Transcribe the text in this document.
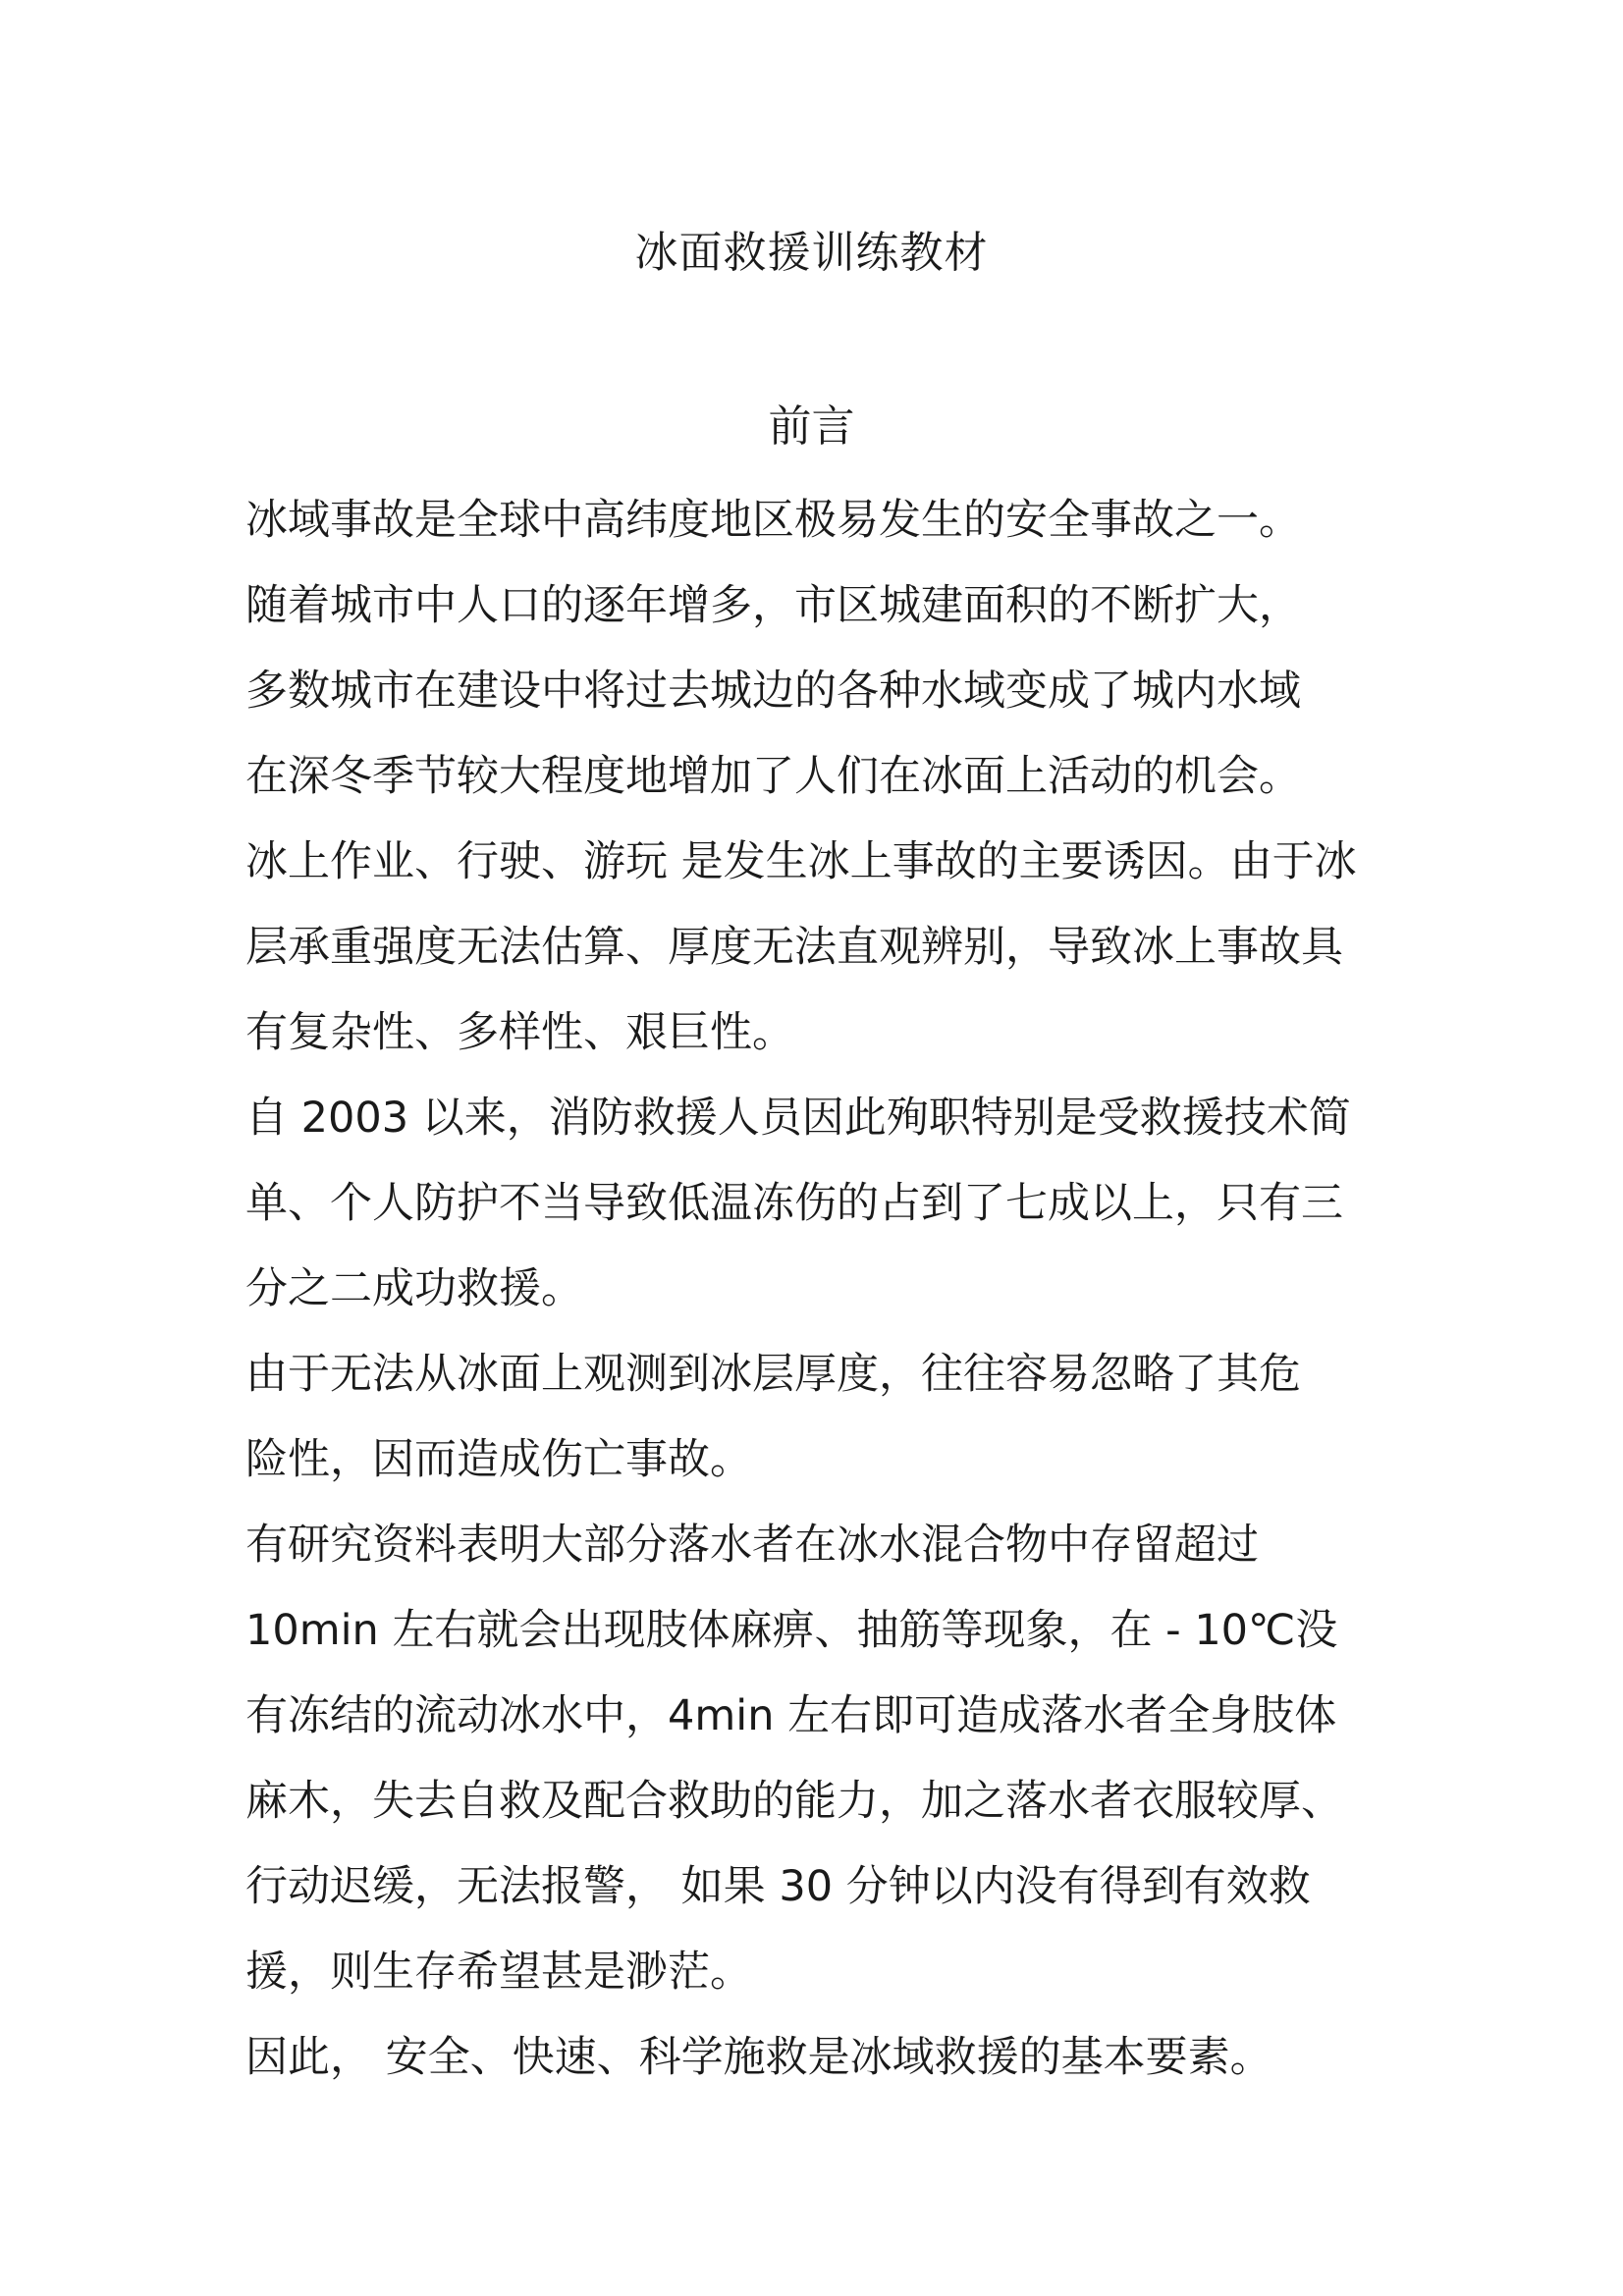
冰面救援训练教材
前言
冰域事故是全球中高纬度地区极易发生的安全事故之一。
随着城市中人口的逐年增多，市区城建面积的不断扩大，
多数城市在建设中将过去城边的各种水域变成了城内水域
在深冬季节较大程度地增加了人们在冰面上活动的机会。
冰上作业、行驶、游玩 是发生冰上事故的主要诱因。由于冰
层承重强度无法估算、厚度无法直观辨别，导致冰上事故具
有复杂性、多样性、艰巨性。
自 2003 以来，消防救援人员因此殉职特别是受救援技术简
单、个人防护不当导致低温冻伤的占到了七成以上，只有三
分之二成功救援。
由于无法从冰面上观测到冰层厚度，往往容易忽略了其危
险性，因而造成伤亡事故。
有研究资料表明大部分落水者在冰水混合物中存留超过
10min 左右就会出现肢体麻痹、抽筋等现象，在 - 10℃没
有冻结的流动冰水中，4min 左右即可造成落水者全身肢体
麻木，失去自救及配合救助的能力，加之落水者衣服较厚、
行动迟缓，无法报警， 如果 30 分钟以内没有得到有效救
援，则生存希望甚是渺茫。
因此， 安全、快速、科学施救是冰域救援的基本要素。
